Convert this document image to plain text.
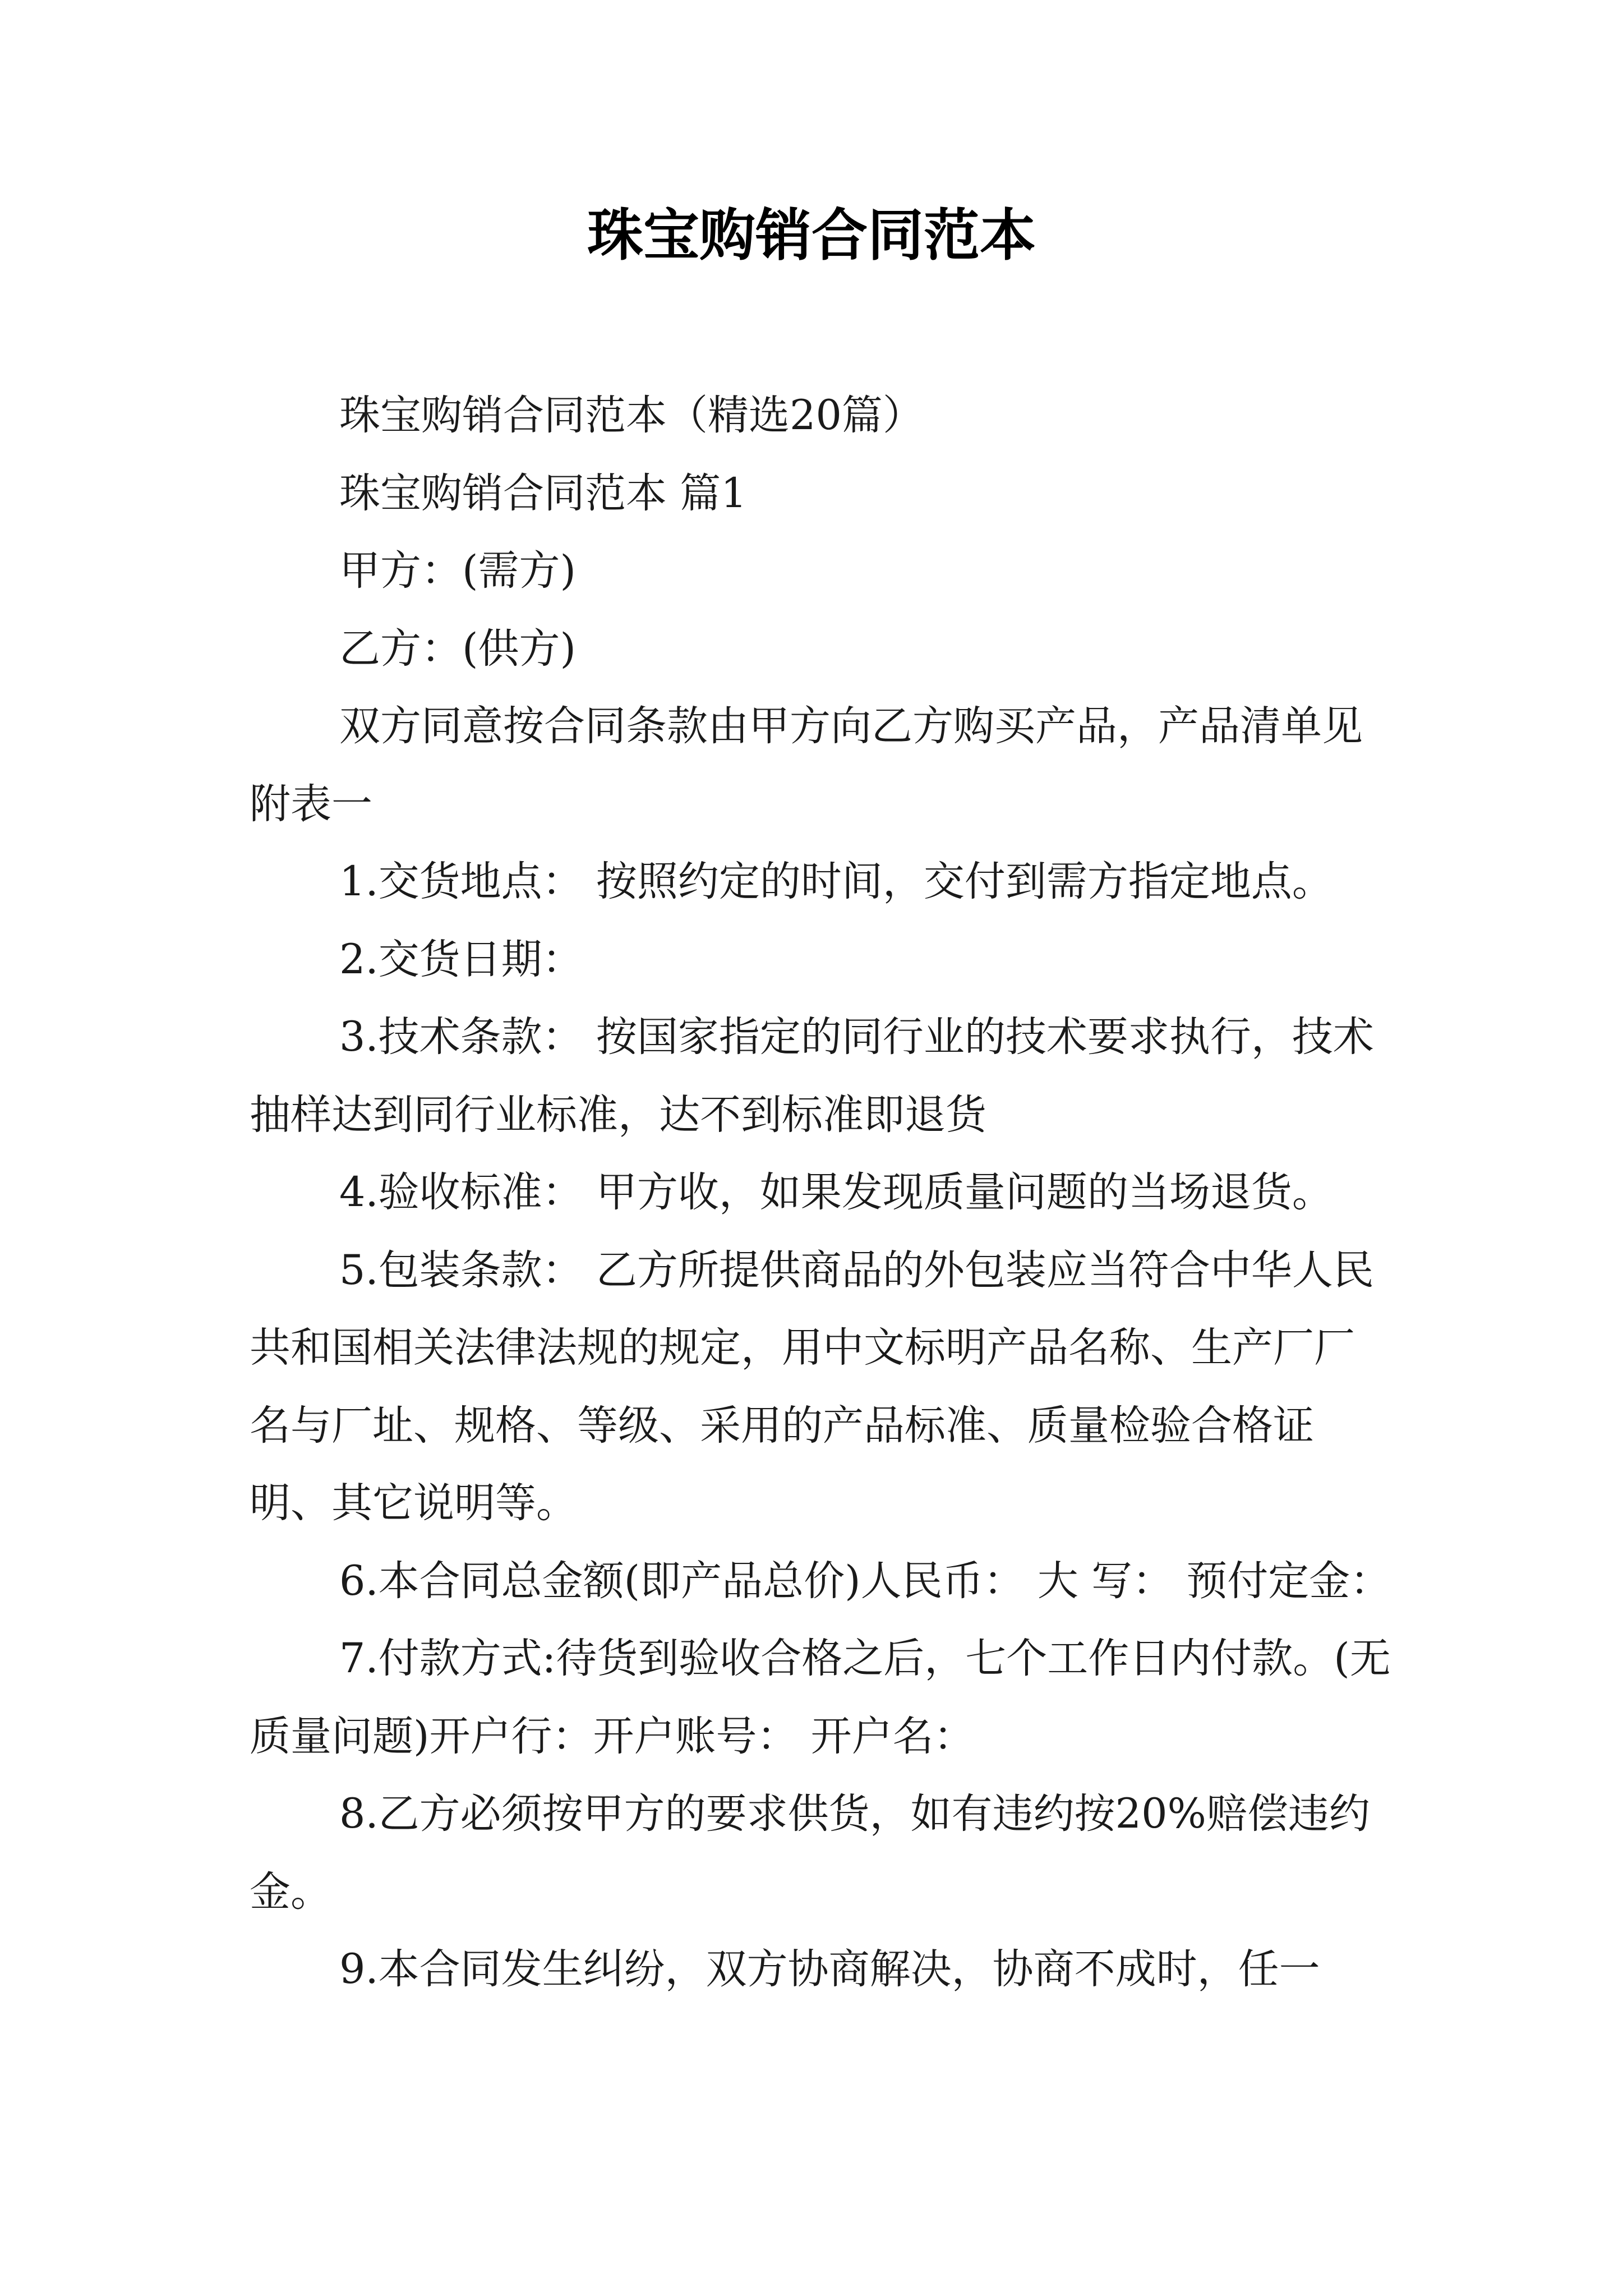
珠宝购销合同范本

珠宝购销合同范本（精选20篇）

珠宝购销合同范本 篇1

甲方：(需方)

乙方：(供方)

双方同意按合同条款由甲方向乙方购买产品，产品清单见附表一

1.交货地点： 按照约定的时间，交付到需方指定地点。

2.交货日期：

3.技术条款： 按国家指定的同行业的技术要求执行，技术抽样达到同行业标准，达不到标准即退货

4.验收标准： 甲方收，如果发现质量问题的当场退货。

5.包装条款： 乙方所提供商品的外包装应当符合中华人民共和国相关法律法规的规定，用中文标明产品名称、生产厂厂名与厂址、规格、等级、采用的产品标准、质量检验合格证明、其它说明等。

6.本合同总金额(即产品总价)人民币： 大 写： 预付定金：

7.付款方式:待货到验收合格之后，七个工作日内付款。(无质量问题)开户行：开户账号： 开户名：

8.乙方必须按甲方的要求供货，如有违约按20%赔偿违约金。

9.本合同发生纠纷，双方协商解决，协商不成时，任一
